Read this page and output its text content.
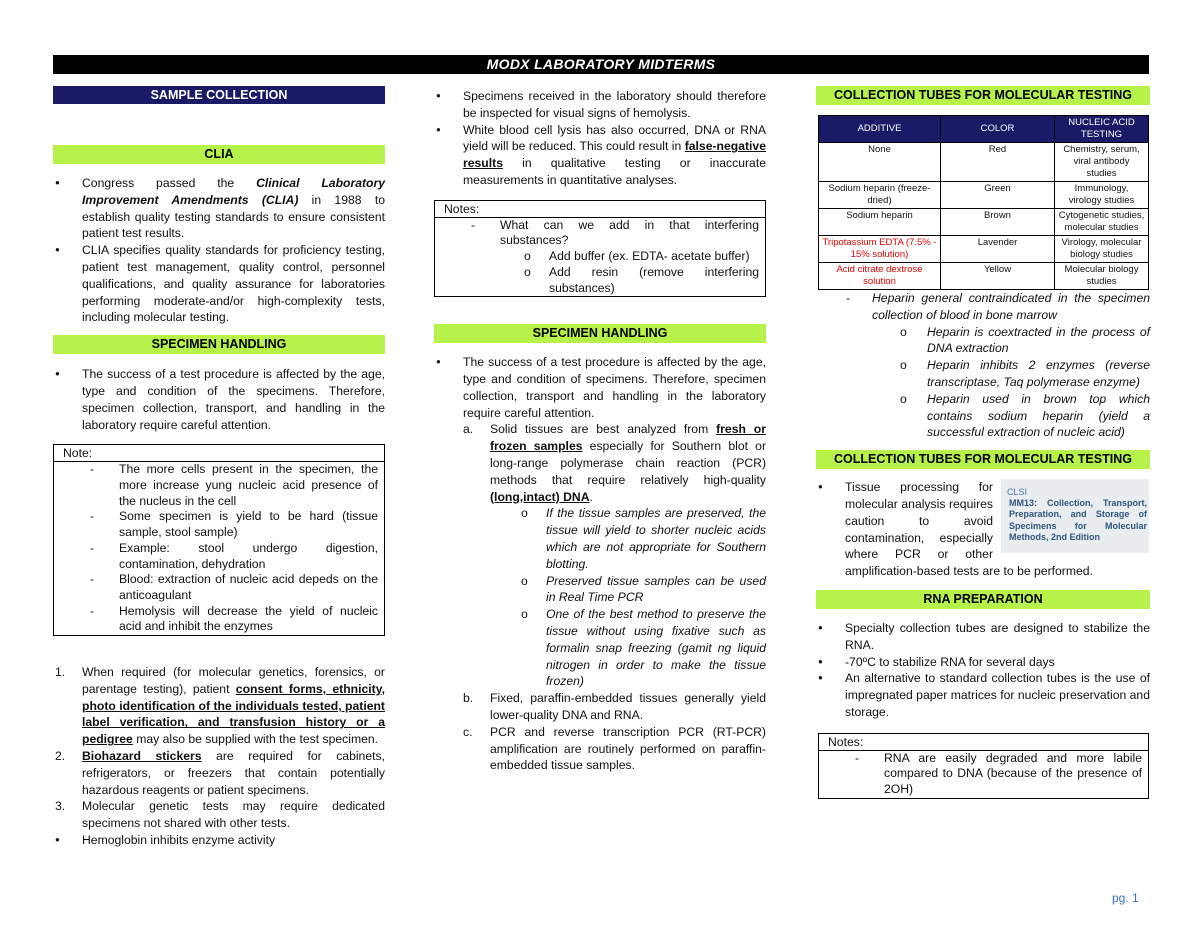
MODX LABORATORY MIDTERMS
SAMPLE COLLECTION
CLIA
● Congress passed the Clinical Laboratory Improvement Amendments (CLIA) in 1988 to establish quality testing standards to ensure consistent patient test results.
● CLIA specifies quality standards for proficiency testing, patient test management, quality control, personnel qualifications, and quality assurance for laboratories performing moderate-and/or high-complexity tests, including molecular testing.
SPECIMEN HANDLING
● The success of a test procedure is affected by the age, type and condition of the specimens. Therefore, specimen collection, transport, and handling in the laboratory require careful attention.
Note:
- The more cells present in the specimen, the more increase yung nucleic acid presence of the nucleus in the cell
- Some specimen is yield to be hard (tissue sample, stool sample)
- Example: stool undergo digestion, contamination, dehydration
- Blood: extraction of nucleic acid depeds on the anticoagulant
- Hemolysis will decrease the yield of nucleic acid and inhibit the enzymes
1. When required (for molecular genetics, forensics, or parentage testing), patient consent forms, ethnicity, photo identification of the individuals tested, patient label verification, and transfusion history or a pedigree may also be supplied with the test specimen.
2. Biohazard stickers are required for cabinets, refrigerators, or freezers that contain potentially hazardous reagents or patient specimens.
3. Molecular genetic tests may require dedicated specimens not shared with other tests.
● Hemoglobin inhibits enzyme activity
● Specimens received in the laboratory should therefore be inspected for visual signs of hemolysis.
● White blood cell lysis has also occurred, DNA or RNA yield will be reduced. This could result in false-negative results in qualitative testing or inaccurate measurements in quantitative analyses.
Notes:
- What can we add in that interfering substances?
o Add buffer (ex. EDTA- acetate buffer)
o Add resin (remove interfering substances)
SPECIMEN HANDLING
● The success of a test procedure is affected by the age, type and condition of specimens. Therefore, specimen collection, transport and handling in the laboratory require careful attention.
a. Solid tissues are best analyzed from fresh or frozen samples especially for Southern blot or long-range polymerase chain reaction (PCR) methods that require relatively high-quality (long,intact) DNA.
o If the tissue samples are preserved, the tissue will yield to shorter nucleic acids which are not appropriate for Southern blotting.
o Preserved tissue samples can be used in Real Time PCR
o One of the best method to preserve the tissue without using fixative such as formalin snap freezing (gamit ng liquid nitrogen in order to make the tissue frozen)
b. Fixed, paraffin-embedded tissues generally yield lower-quality DNA and RNA.
c. PCR and reverse transcription PCR (RT-PCR) amplification are routinely performed on paraffin-embedded tissue samples.
COLLECTION TUBES FOR MOLECULAR TESTING
ADDITIVE	COLOR	NUCLEIC ACID TESTING
None	Red	Chemistry, serum, viral antibody studies
Sodium heparin (freeze-dried)	Green	Immunology, virology studies
Sodium heparin	Brown	Cytogenetic studies, molecular studies
Tripotassium EDTA (7.5% - 15% solution)	Lavender	Virology, molecular biology studies
Acid citrate dextrose solution	Yellow	Molecular biology studies
- Heparin general contraindicated in the specimen collection of blood in bone marrow
o Heparin is coextracted in the process of DNA extraction
o Heparin inhibits 2 enzymes (reverse transcriptase, Taq polymerase enzyme)
o Heparin used in brown top which contains sodium heparin (yield a successful extraction of nucleic acid)
COLLECTION TUBES FOR MOLECULAR TESTING
● CLSI
MM13: Collection, Transport, Preparation, and Storage of Specimens for Molecular Methods, 2nd Edition
Tissue processing for molecular analysis requires caution to avoid contamination, especially where PCR or other amplification-based tests are to be performed.
RNA PREPARATION
● Specialty collection tubes are designed to stabilize the RNA.
● -70ºC to stabilize RNA for several days
● An alternative to standard collection tubes is the use of impregnated paper matrices for nucleic preservation and storage.
Notes:
- RNA are easily degraded and more labile compared to DNA (because of the presence of 2OH)
pg. 1
